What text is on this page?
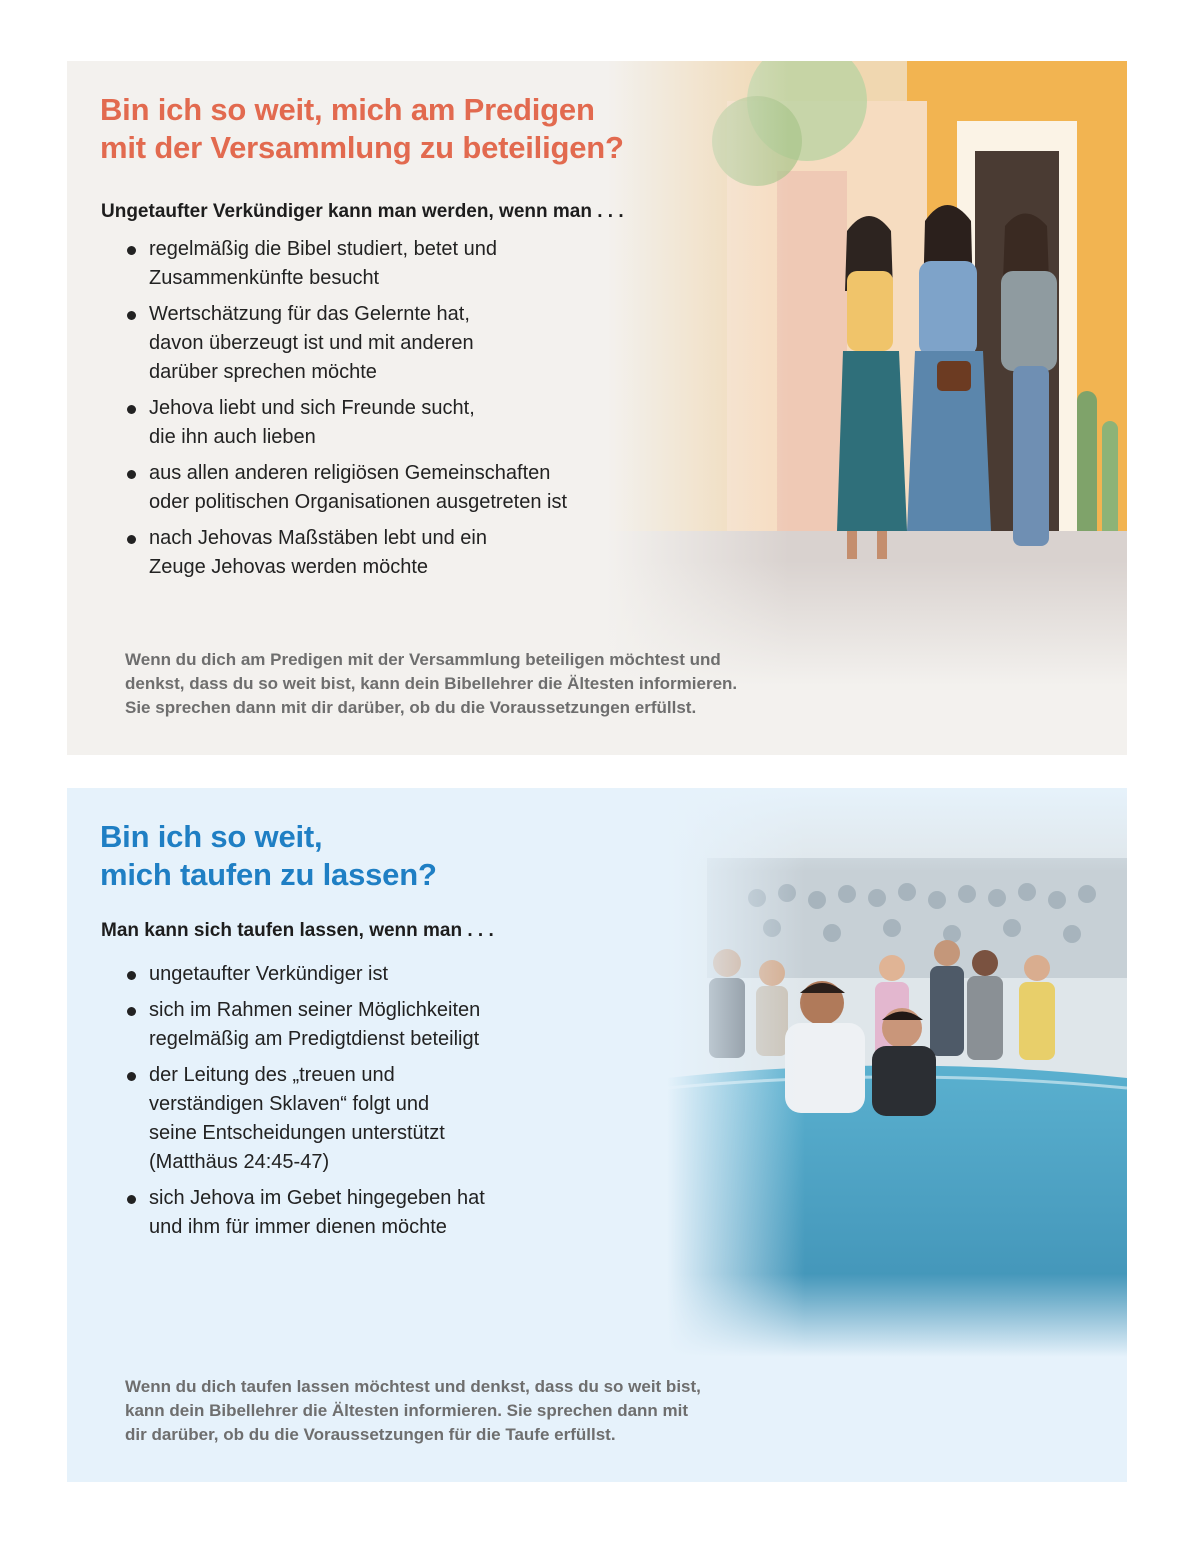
Bin ich so weit, mich am Predigen
mit der Versammlung zu beteiligen?
Ungetaufter Verkündiger kann man werden, wenn man . . .
regelmäßig die Bibel studiert, betet und
Zusammenkünfte besucht
Wertschätzung für das Gelernte hat,
davon überzeugt ist und mit anderen
darüber sprechen möchte
Jehova liebt und sich Freunde sucht,
die ihn auch lieben
aus allen anderen religiösen Gemeinschaften
oder politischen Organisationen ausgetreten ist
nach Jehovas Maßstäben lebt und ein
Zeuge Jehovas werden möchte

Wenn du dich am Predigen mit der Versammlung beteiligen möchtest und
denkst, dass du so weit bist, kann dein Bibellehrer die Ältesten informieren.
Sie sprechen dann mit dir darüber, ob du die Voraussetzungen erfüllst.

Bin ich so weit,
mich taufen zu lassen?
Man kann sich taufen lassen, wenn man . . .
ungetaufter Verkündiger ist
sich im Rahmen seiner Möglichkeiten
regelmäßig am Predigtdienst beteiligt
der Leitung des „treuen und
verständigen Sklaven“ folgt und
seine Entscheidungen unterstützt
(Matthäus 24:45-47)
sich Jehova im Gebet hingegeben hat
und ihm für immer dienen möchte

Wenn du dich taufen lassen möchtest und denkst, dass du so weit bist,
kann dein Bibellehrer die Ältesten informieren. Sie sprechen dann mit
dir darüber, ob du die Voraussetzungen für die Taufe erfüllst.
